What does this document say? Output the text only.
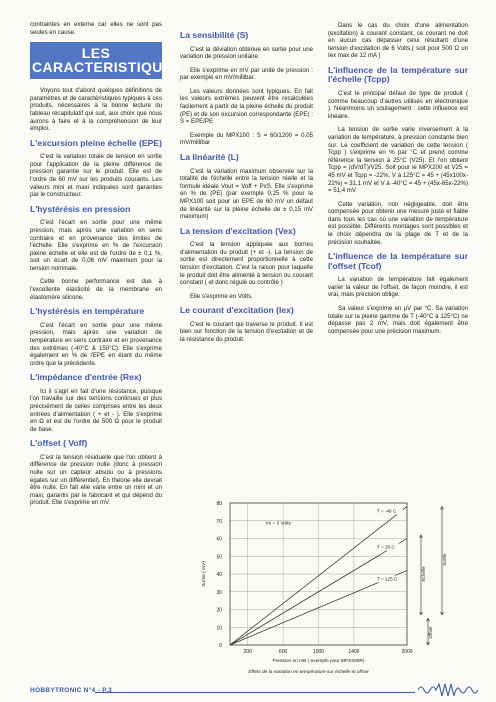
contraintes en externe car elles ne sont pas seules en cause.

LES
CARACTERISTIQUES

Voyons tout d'abord quelques définitions de paramètres et de caractéristiques typiques à ces produits, nécessaires à la bonne lecture du tableau récapitulatif qui suit, aux choix que nous aurons à faire et à la compréhension de leur emploi.

L'excursion pleine échelle (EPE)

C'est la variation totale de tension en sortie pour l'application de la pleine différence de pression garantie sur le produit. Elle est de l'ordre de 60 mV sur les produits courants. Les valeurs mini et maxi indiquées sont garanties par le constructeur.

L'hystérésis en pression

C'est l'écart en sortie pour une même pression, mais après une variation en sens contraire et en provenance des limites de l'échelle. Elle s'exprime en % de l'excursion pleine échelle et elle est de l'ordre de ± 0,1 %, soit un écart de 0,06 mV maximum pour la tension nominale.

Cette bonne performance est due à l'excellente élasticité de la membrane en élastomère silicone.

L'hystérésis en température

C'est l'écart en sortie pour une même pression, mais après une variation de température en sens contraire et en provenance des extrêmes (-40°C & 150°C). Elle s'exprime également en % de l'EPE en étant du même ordre que la précédente.

L'impédance d'entrée (Rex)

Ici il s'agit en fait d'une résistance, puisque l'on travaille sur des tensions continues et plus précisément de celles comprises entre les deux entrées d'alimentation ( + et - ). Elle s'exprime en Ω et est de l'ordre de 500 Ω pour le produit de base.

L'offset ( Voff)

C'est la tension résiduelle que l'on obtient à différence de pression nulle (donc à pression nulle sur un capteur absolu ou à pressions égales sur un différentiel). En théorie elle devrait être nulle. En fait elle varie entre un mini et un maxi, garantis par le fabricant et qui dépend du produit. Elle s'exprime en mV.

La sensibilité (S)

C'est la déviation obtenue en sortie pour une variation de pression unitaire.

Elle s'exprime en mV par unité de pression : par exemple en mV/millibar.

Les valeurs données sont typiques. En fait les valeurs extrêmes peuvent être recalculées facilement à partir de la pleine échelle du produit (PE) et de son excursion correspondante (EPE) : S = EPE/PE

Exemple du MPX100 : S = 60/1200 = 0,05 mV/millibar

La linéarité (L)

C'est la variation maximum observée sur la totalité de l'échelle entre la tension réelle et la formule idéale Vout = Voff + PxS. Elle s'exprime en % de (PE) (par exemple 0,25 % pour le MPX100 soit pour un EPE de 60 mV un défaut de linéarité sur la pleine échelle de ± 0,15 mV maximum)

La tension d'excitation (Vex)

C'est la tension appliquée aux bornes d'alimentation du produit (+ et -). La tension de sortie est directement proportionnelle à cette tension d'excitation. C'est la raison pour laquelle le produit doit être alimenté à tension ou courant constant ( et donc régulé ou contrôlé )

Elle s'exprime en Volts.

Le courant d'excitation (Iex)

C'est le courant qui traverse le produit. Il est bien sur fonction de la tension d'excitation et de la résistance du produit.

Dans le cas du choix d'une alimentation (excitation) à courant constant, ce courant ne doit en aucun cas dépasser celui résultant d'une tension d'excitation de 6 Volts.( soit pour 500 Ω un Iex max de 12 mA )

L'influence de la température sur l'échelle (Tcpp)

C'est le principal défaut de type de produit ( comme beaucoup d'autres utilisés en électronique ). Néanmoins un soulagement : cette influence est linéaire.

La tension de sortie varie inversement à la variation de température, à pression constante bien sur. Le coefficient de variation de cette tension ( Tcpp ) s'exprime en % par °C et prend comme référence la tension à 25°C (V25). Et l'on obtient Tcpp = (dV/dT)/V25. Soit pour le MPX200 et V25 = 45 mV et Tcpp = -22%, V à 125°C = 45 + (45x100x-22%) = 31,1 mV et V à -40°C = 45 + (45x-65x-22%) = 51,4 mV

Cette variation, non négligeable, doit être compensée pour obtenir une mesure juste et fiable dans tous les cas où une variation de température est possible. Différents montages sont possibles et le choix dépendra de la plage de T et de la précision souhaitée.

L'influence de la température sur l'offset (Tcof)

La variation de température fait également varier la valeur de l'offset, de façon moindre, il est vrai, mais précision oblige.

Sa valeur s'exprime en µV par °C. Sa variation totale sur la pleine gamme de T (-40°C à 125°C) ne dépasse pas 2 mV, mais doit également être compensée pour une précision maximum.

0
10
20
30
40
50
60
70
80
200	600	1000	1400	2000
T = -40 C
T = 25 C
T = 125 C
Vs = 3 Volts
Pression en mB ( exemple pour MPX200R)
Sortie ( mV)
Effets de la variation en température sur échelle et offset
Echelle
Sortie
Offset
HOBBYTRONIC N°4 - P.3
